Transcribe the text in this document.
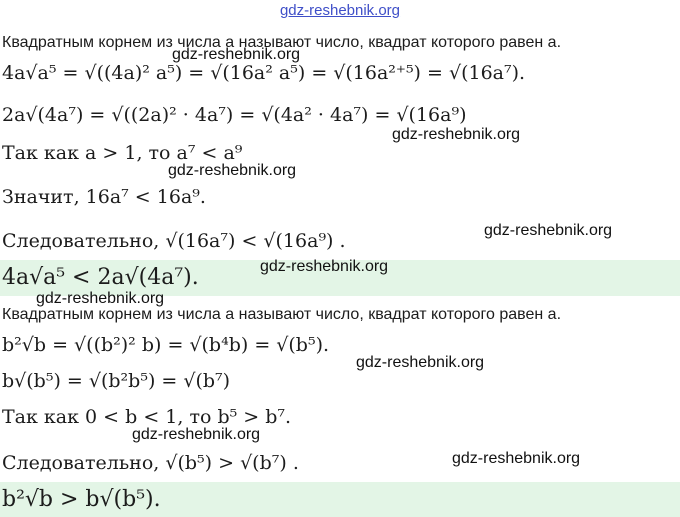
gdz-reshebnik.org
Квадратным корнем из числа a называют число, квадрат которого равен a.
4a√a⁵ = √((4a)² a⁵) = √(16a² a⁵) = √(16a²⁺⁵) = √(16a⁷).
2a√(4a⁷) = √((2a)² · 4a⁷) = √(4a² · 4a⁷) = √(16a⁹)
Так как a > 1, то a⁷ < a⁹
Значит, 16a⁷ < 16a⁹.
Следовательно, √(16a⁷) < √(16a⁹) .
4a√a⁵ < 2a√(4a⁷).
Квадратным корнем из числа a называют число, квадрат которого равен a.
b²√b = √((b²)² b) = √(b⁴b) = √(b⁵).
b√(b⁵) = √(b²b⁵) = √(b⁷)
Так как 0 < b < 1, то b⁵ > b⁷.
Следовательно, √(b⁵) > √(b⁷) .
b²√b > b√(b⁵).
gdz-reshebnik.org
gdz-reshebnik.org
gdz-reshebnik.org
gdz-reshebnik.org
gdz-reshebnik.org
gdz-reshebnik.org
gdz-reshebnik.org
gdz-reshebnik.org
gdz-reshebnik.org
